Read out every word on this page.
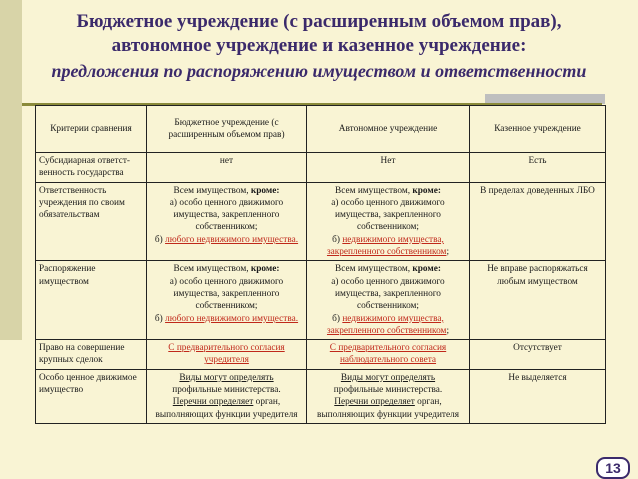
Бюджетное учреждение (с расширенным объемом прав),
автономное учреждение и казенное учреждение:
предложения по распоряжению имуществом и ответственности
Критерии сравнения	Бюджетное учреждение (с расширенным объемом прав)	Автономное учреждение	Казенное учреждение
Субсидиарная ответст-венность государства	нет	Нет	Есть
Ответственность учреждения по своим обязательствам	Всем имуществом, кроме:
а) особо ценного движимого имущества, закрепленного собственником;
б) любого недвижимого имущества.	Всем имуществом, кроме:
а) особо ценного движимого имущества, закрепленного собственником;
б) недвижимого имущества, закрепленного собственником;	В пределах доведенных ЛБО
Распоряжение имуществом	Всем имуществом, кроме:
а) особо ценного движимого имущества, закрепленного собственником;
б) любого недвижимого имущества.	Всем имуществом, кроме:
а) особо ценного движимого имущества, закрепленного собственником;
б) недвижимого имущества, закрепленного собственником;	Не вправе распоряжаться любым имуществом
Право на совершение крупных сделок	С предварительного согласия учредителя	С предварительного согласия наблюдательного совета	Отсутствует
Особо ценное движимое имущество	Виды могут определять
профильные министерства.
Перечни определяет орган, выполняющих функции учредителя	Виды могут определять
профильные министерства.
Перечни определяет орган, выполняющих функции учредителя	Не выделяется
13
